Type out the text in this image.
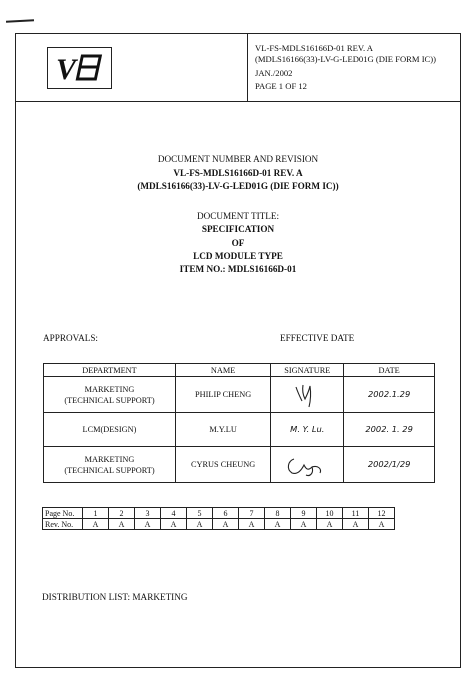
V
VL-FS-MDLS16166D-01 REV. A
(MDLS16166(33)-LV-G-LED01G (DIE FORM IC))
JAN./2002
PAGE 1 OF 12
DOCUMENT NUMBER AND REVISION
VL-FS-MDLS16166D-01 REV. A
(MDLS16166(33)-LV-G-LED01G (DIE FORM IC))
DOCUMENT TITLE:
SPECIFICATION
OF
LCD MODULE TYPE
ITEM NO.: MDLS16166D-01
APPROVALS:	EFFECTIVE DATE
DEPARTMENT	NAME	SIGNATURE	DATE

MARKETING
(TECHNICAL SUPPORT)	PHILIP CHENG		2002.1.29

LCM(DESIGN)	M.Y.LU	M. Y. Lu.	2002. 1. 29

MARKETING
(TECHNICAL SUPPORT)	CYRUS CHEUNG		2002/1/29
Page No.	1	2	3	4	5	6	7	8	9	10	11	12
Rev. No.	A	A	A	A	A	A	A	A	A	A	A	A
DISTRIBUTION LIST: MARKETING
